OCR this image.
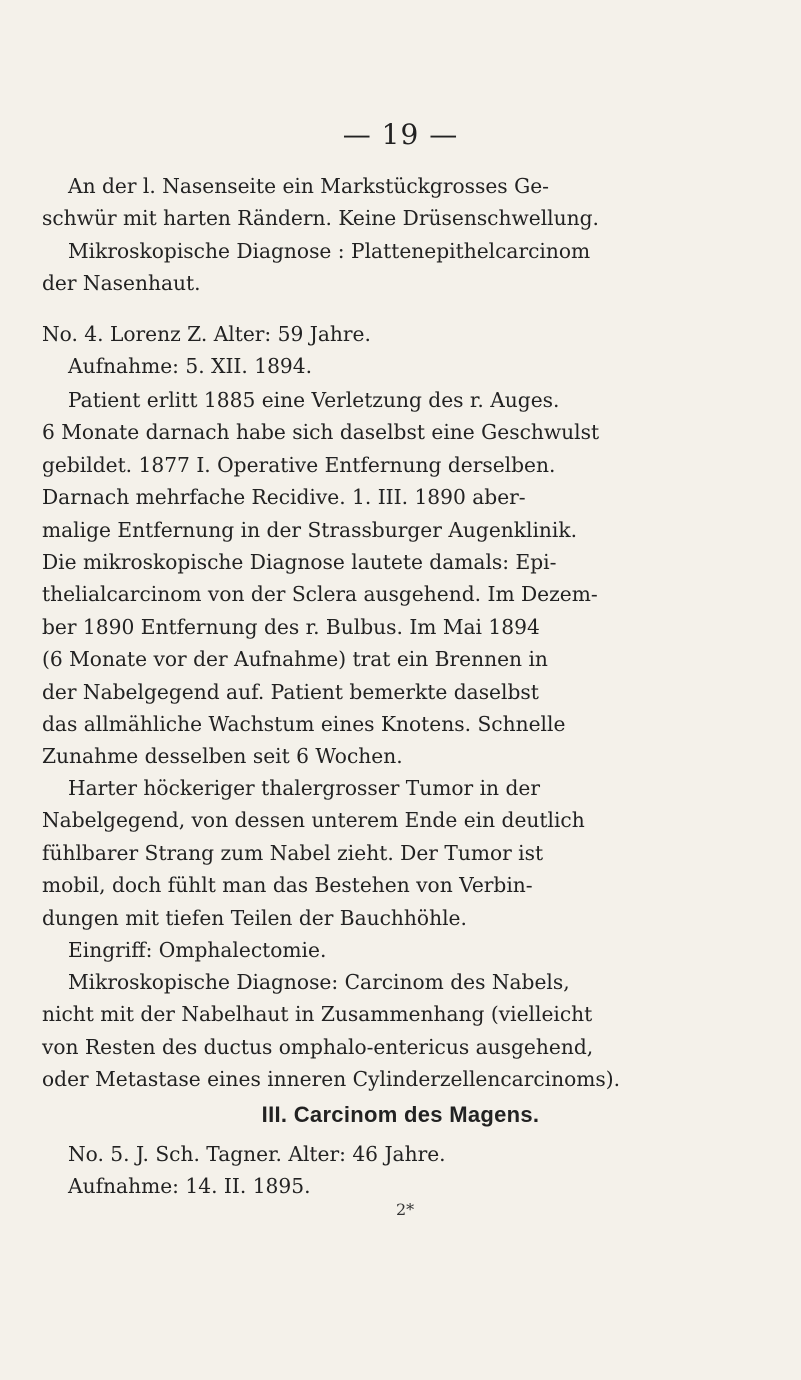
— 19 —

An der l. Nasenseite ein Markstückgrosses Ge-
schwür mit harten Rändern. Keine Drüsenschwellung.
Mikroskopische Diagnose : Plattenepithelcarcinom
der Nasenhaut.

No. 4. Lorenz Z. Alter: 59 Jahre.
Aufnahme: 5. XII. 1894.
Patient erlitt 1885 eine Verletzung des r. Auges.
6 Monate darnach habe sich daselbst eine Geschwulst
gebildet. 1877 I. Operative Entfernung derselben.
Darnach mehrfache Recidive. 1. III. 1890 aber-
malige Entfernung in der Strassburger Augenklinik.
Die mikroskopische Diagnose lautete damals: Epi-
thelialcarcinom von der Sclera ausgehend. Im Dezem-
ber 1890 Entfernung des r. Bulbus. Im Mai 1894
(6 Monate vor der Aufnahme) trat ein Brennen in
der Nabelgegend auf. Patient bemerkte daselbst
das allmähliche Wachstum eines Knotens. Schnelle
Zunahme desselben seit 6 Wochen.
Harter höckeriger thalergrosser Tumor in der
Nabelgegend, von dessen unterem Ende ein deutlich
fühlbarer Strang zum Nabel zieht. Der Tumor ist
mobil, doch fühlt man das Bestehen von Verbin-
dungen mit tiefen Teilen der Bauchhöhle.
Eingriff: Omphalectomie.
Mikroskopische Diagnose: Carcinom des Nabels,
nicht mit der Nabelhaut in Zusammenhang (vielleicht
von Resten des ductus omphalo-entericus ausgehend,
oder Metastase eines inneren Cylinderzellencarcinoms).
III. Carcinom des Magens.
No. 5. J. Sch. Tagner. Alter: 46 Jahre.
Aufnahme: 14. II. 1895.
2*
